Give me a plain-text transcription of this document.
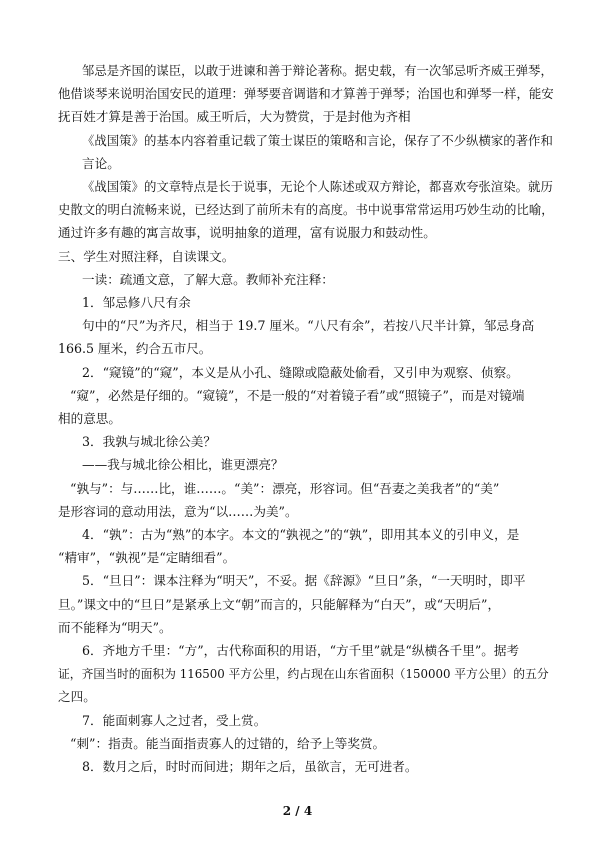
邹忌是齐国的谋臣，以敢于进谏和善于辩论著称。据史载，有一次邹忌听齐威王弹琴，
他借谈琴来说明治国安民的道理：弹琴要音调谐和才算善于弹琴；治国也和弹琴一样，能安
抚百姓才算是善于治国。威王听后，大为赞赏，于是封他为齐相
《战国策》的基本内容着重记载了策士谋臣的策略和言论，保存了不少纵横家的著作和
言论。
《战国策》的文章特点是长于说事，无论个人陈述或双方辩论，都喜欢夸张渲染。就历
史散文的明白流畅来说，已经达到了前所未有的高度。书中说事常常运用巧妙生动的比喻，
通过许多有趣的寓言故事，说明抽象的道理，富有说服力和鼓动性。
三、学生对照注释，自读课文。
一读：疏通文意，了解大意。教师补充注释：
1．邹忌修八尺有余
句中的“尺”为齐尺，相当于 19.7 厘米。“八尺有余”，若按八尺半计算，邹忌身高
166.5 厘米，约合五市尺。
2．“窥镜”的“窥”，本义是从小孔、缝隙或隐蔽处偷看，又引申为观察、侦察。
“窥”，必然是仔细的。“窥镜”，不是一般的“对着镜子看”或“照镜子”，而是对镜端
相的意思。
3．我孰与城北徐公美？
——我与城北徐公相比，谁更漂亮？
“孰与”：与……比，谁……。“美”：漂亮，形容词。但“吾妻之美我者”的“美”
是形容词的意动用法，意为“以……为美”。
4．“孰”：古为“熟”的本字。本文的“孰视之”的“孰”，即用其本义的引申义，是
“精审”，“孰视”是“定睛细看”。
5．“旦日”：课本注释为“明天”，不妥。据《辞源》“旦日”条，“一天明时，即平
旦。”课文中的“旦日”是紧承上文“朝”而言的，只能解释为“白天”，或“天明后”，
而不能释为“明天”。
6．齐地方千里：“方”，古代称面积的用语，“方千里”就是“纵横各千里”。据考
证，齐国当时的面积为 116500 平方公里，约占现在山东省面积（150000 平方公里）的五分
之四。
7．能面刺寡人之过者，受上赏。
2 / 4
“刺”：指责。能当面指责寡人的过错的，给予上等奖赏。
8．数月之后，时时而间进；期年之后，虽欲言，无可进者。
